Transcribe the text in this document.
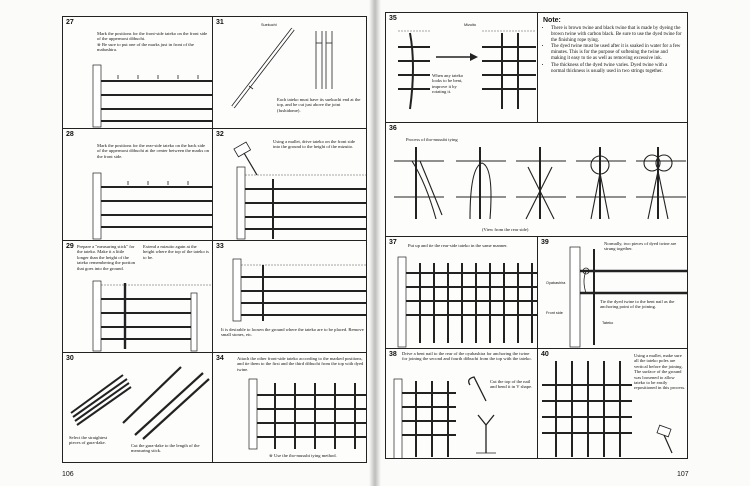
27
Mark the positions for the front-side tateko on the front side of the uppermost dōbuchi.
※ Be sure to put one of the marks just in front of the mabashira.
31	Suekuchi
Each tateko must have its suekuchi end at the top, and be cut just above the joint (fushidome).
28
Mark the positions for the rear-side tateko on the back side of the uppermost dōbuchi at the center between the marks on the front side.
32
Using a mallet, drive tateko on the front side into the ground to the height of the mizuito.
29 Prepare a "measuring stick" for the tateko. Make it a little longer than the height of the tateko remembering the portion that goes into the ground.
Extend a mizuito again at the height where the top of the tateko is to be.
33
It is desirable to loosen the ground where the tateko are to be placed. Remove small stones, etc.
30
Select the straightest pieces of gara-dake.
Cut the gara-dake to the length of the measuring stick.
34	Attach the other front-side tateko according to the marked positions, and tie them to the first and the third dōbuchi from the top with dyed twine.
※ Use the ibo-musubi tying method.
106
35
Mizuito
When any tateko looks to be bent, improve it by rotating it.
Note:
• There is brown twine and black twine that is made by dyeing the brown twine with carbon black. Be sure to use the dyed twine for the finishing rope tying.
• The dyed twine must be used after it is soaked in water for a few minutes. This is for the purpose of softening the twine and making it easy to tie as well as removing excessive ink.
• The thickness of the dyed twine varies. Dyed twine with a normal thickness is usually used in two strings together.
36
Process of ibo-musubi tying
(View from the rear side)
37 Put up and tie the rear-side tateko in the same manner.	39	Normally, two pieces of dyed twine are strung together.
Oyabashira
Front side
Tateko
Tie the dyed twine to the bent nail as the anchoring point of the joining.
38 Drive a bent nail to the rear of the oyabashira for anchoring the twine for joining the second and fourth dōbuchi from the top with the tateko.
Cut the top of the nail and bend it in V shape.
40	Using a mallet, make sure all the tateko poles are vertical before the joining. The surface of the ground was loosened to allow tateko to be easily repositioned in this process.
107
